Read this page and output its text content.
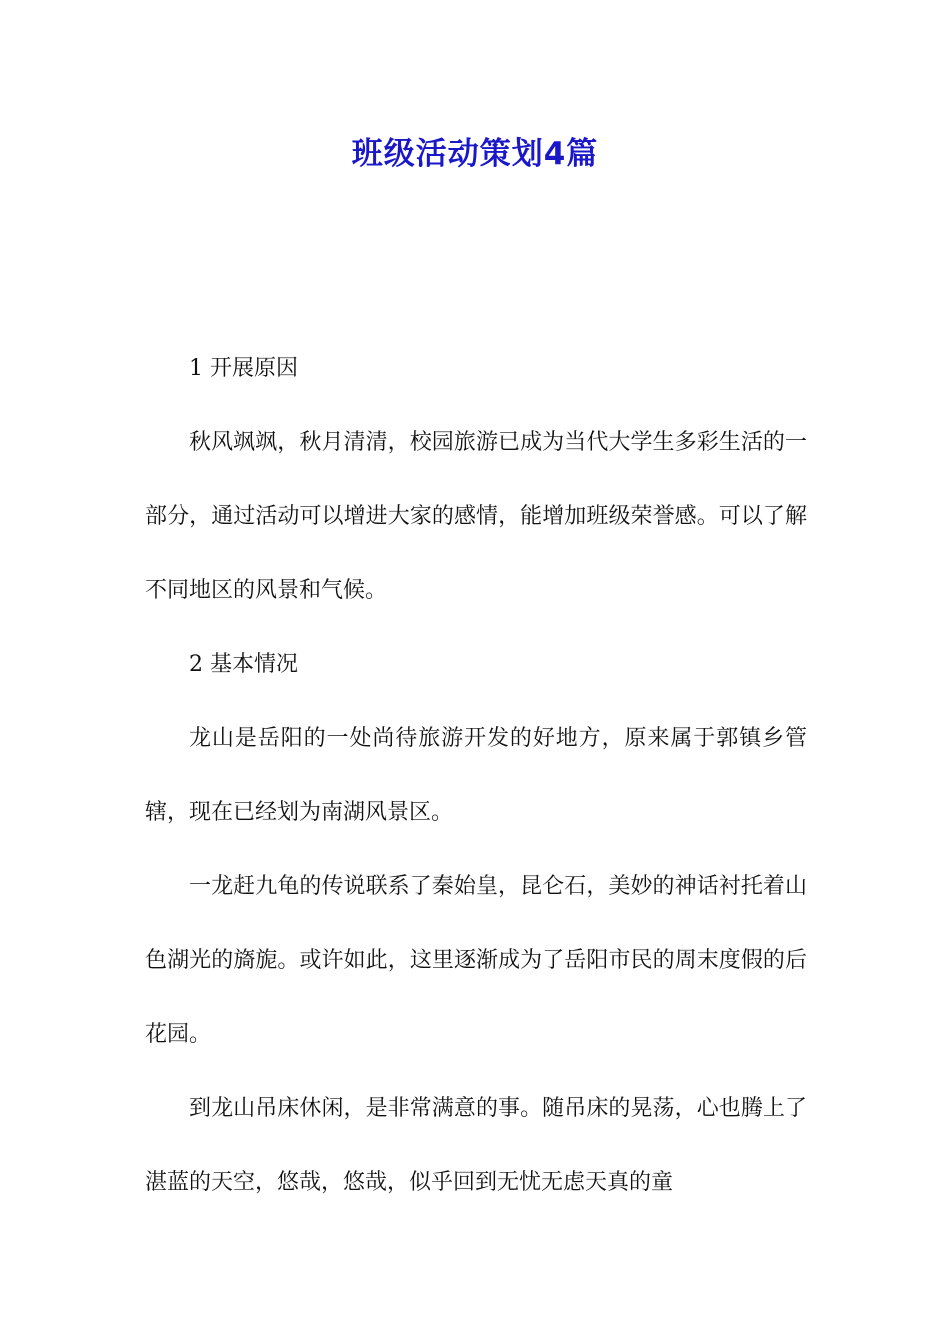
班级活动策划4篇

1 开展原因

秋风飒飒，秋月清清，校园旅游已成为当代大学生多彩生活的一部分，通过活动可以增进大家的感情，能增加班级荣誉感。可以了解不同地区的风景和气候。

2 基本情况

龙山是岳阳的一处尚待旅游开发的好地方，原来属于郭镇乡管辖，现在已经划为南湖风景区。

一龙赶九龟的传说联系了秦始皇，昆仑石，美妙的神话衬托着山色湖光的旖旎。或许如此，这里逐渐成为了岳阳市民的周末度假的后花园。

到龙山吊床休闲，是非常满意的事。随吊床的晃荡，心也腾上了湛蓝的天空，悠哉，悠哉，似乎回到无忧无虑天真的童
